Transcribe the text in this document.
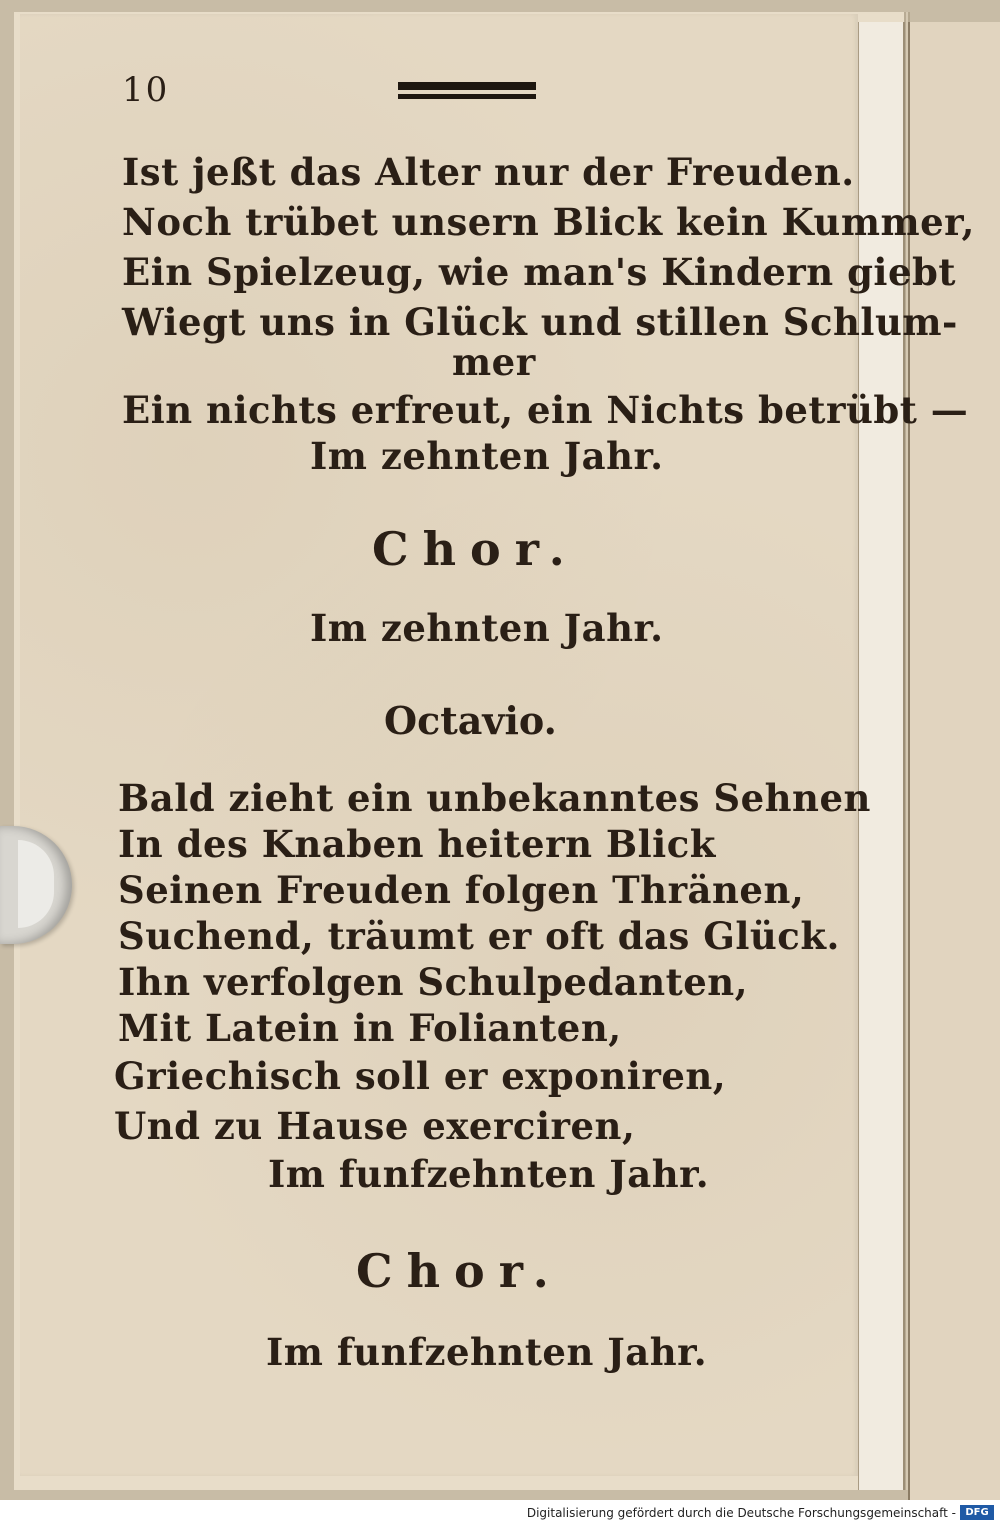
10
Ist jeßt das Alter nur der Freuden.
Noch trübet unsern Blick kein Kummer,
Ein Spielzeug, wie man's Kindern giebt
Wiegt uns in Glück und stillen Schlum-
mer
Ein nichts erfreut, ein Nichts betrübt —
Im zehnten Jahr.
Chor.
Im zehnten Jahr.
Octavio.
Bald zieht ein unbekanntes Sehnen
In des Knaben heitern Blick
Seinen Freuden folgen Thränen,
Suchend, träumt er oft das Glück.
Ihn verfolgen Schulpedanten,
Mit Latein in Folianten,
Griechisch soll er exponiren,
Und zu Hause exerciren,
Im funfzehnten Jahr.
Chor.
Im funfzehnten Jahr.
Digitalisierung gefördert durch die Deutsche Forschungsgemeinschaft - DFG
